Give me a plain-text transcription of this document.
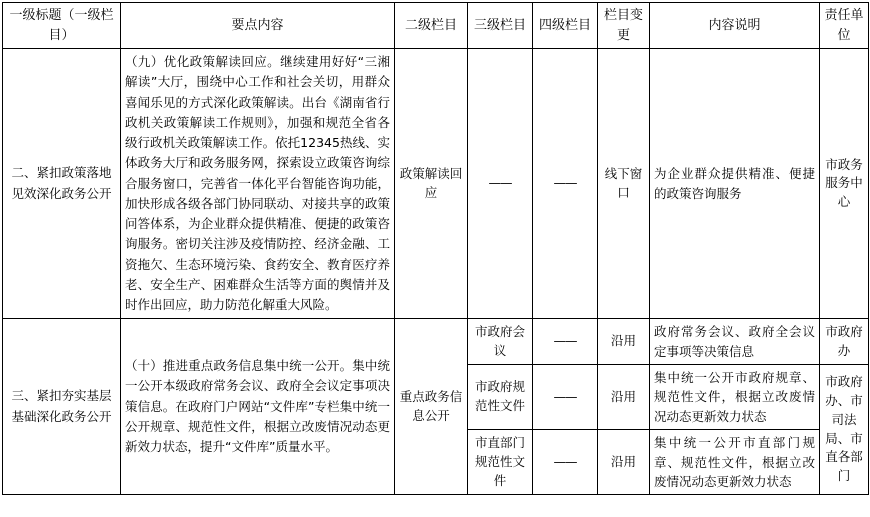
一级标题（一级栏目）	要点内容	二级栏目	三级栏目	四级栏目	栏目变更	内容说明	责任单位
二、紧扣政策落地见效深化政务公开	（九）优化政策解读回应。继续建用好好“三湘解读”大厅，围绕中心工作和社会关切，用群众喜闻乐见的方式深化政策解读。出台《湖南省行政机关政策解读工作规则》，加强和规范全省各级行政机关政策解读工作。依托12345热线、实体政务大厅和政务服务网，探索设立政策咨询综合服务窗口，完善省一体化平台智能咨询功能，加快形成各级各部门协同联动、对接共享的政策问答体系，为企业群众提供精准、便捷的政策咨询服务。密切关注涉及疫情防控、经济金融、工资拖欠、生态环境污染、食药安全、教育医疗养老、安全生产、困难群众生活等方面的舆情并及时作出回应，助力防范化解重大风险。	政策解读回应	——	——	线下窗口	为企业群众提供精准、便捷的政策咨询服务	市政务服务中心
三、紧扣夯实基层基础深化政务公开	（十）推进重点政务信息集中统一公开。集中统一公开本级政府常务会议、政府全会议定事项决策信息。在政府门户网站“文件库”专栏集中统一公开规章、规范性文件，根据立改废情况动态更新效力状态，提升“文件库”质量水平。	重点政务信息公开	市政府会议	——	沿用	政府常务会议、政府全会议定事项等决策信息	市政府办
			市政府规范性文件	——	沿用	集中统一公开市政府规章、规范性文件，根据立改废情况动态更新效力状态	市政府办、市司法局、市直各部门
			市直部门规范性文件	——	沿用	集中统一公开市直部门规章、规范性文件，根据立改废情况动态更新效力状态	
